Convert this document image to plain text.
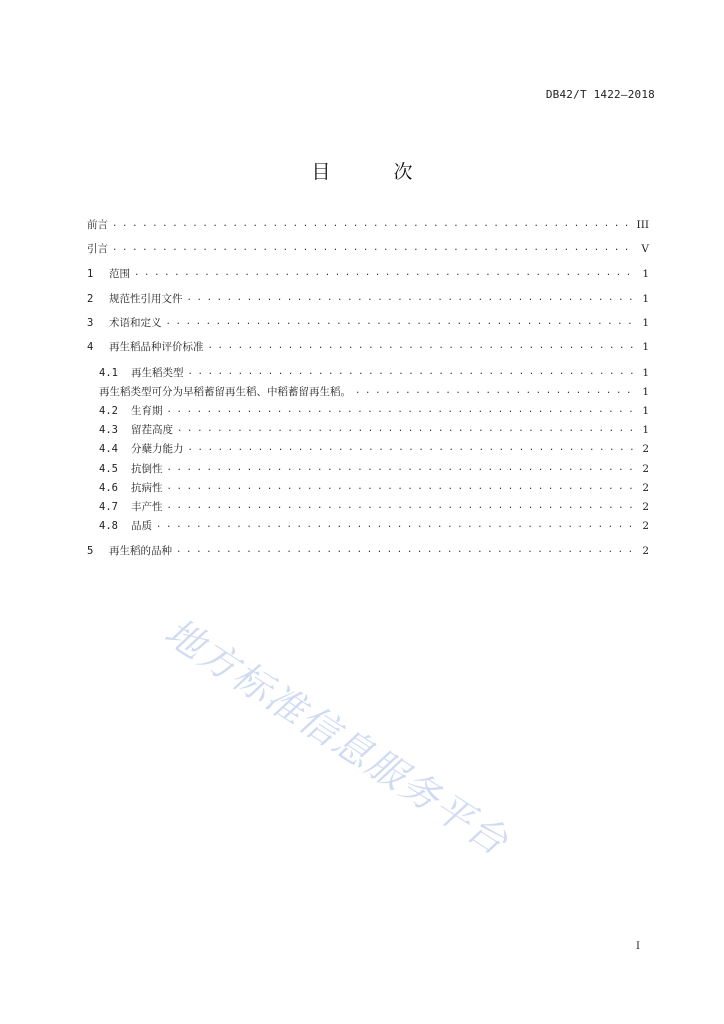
DB42/T 1422—2018
目　次
前言 . . .	III
引言 . . .	V
1 范围 . . .	1
2 规范性引用文件 . . .	1
3 术语和定义 . . .	1
4 再生稻品种评价标准 . . .	1
4.1 再生稻类型 . . .	1
再生稻类型可分为早稻蓄留再生稻、中稻蓄留再生稻。 . . .	1
4.2 生育期 . . .	1
4.3 留茬高度 . . .	1
4.4 分蘖力能力 . . .	2
4.5 抗倒性 . . .	2
4.6 抗病性 . . .	2
4.7 丰产性 . . .	2
4.8 品质 . . .	2
5 再生稻的品种 . . .	2
地方标准信息服务平台
I
